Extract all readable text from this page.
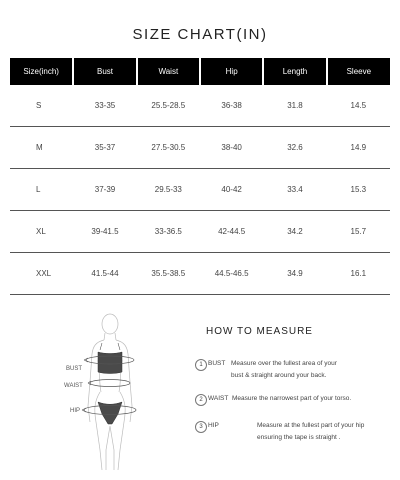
SIZE CHART(IN)
Size(inch)	Bust	Waist	Hip	Length	Sleeve
S	33-35	25.5-28.5	36-38	31.8	14.5
M	35-37	27.5-30.5	38-40	32.6	14.9
L	37-39	29.5-33	40-42	33.4	15.3
XL	39-41.5	33-36.5	42-44.5	34.2	15.7
XXL	41.5-44	35.5-38.5	44.5-46.5	34.9	16.1
BUST
WAIST
HIP
HOW TO MEASURE
1 BUST Measure over the fullest area of your
bust & straight around your back.
2 WAIST Measure the narrowest part of your torso.
3 HIP	Measure at the fullest part of your hip
ensuring the tape is straight .
